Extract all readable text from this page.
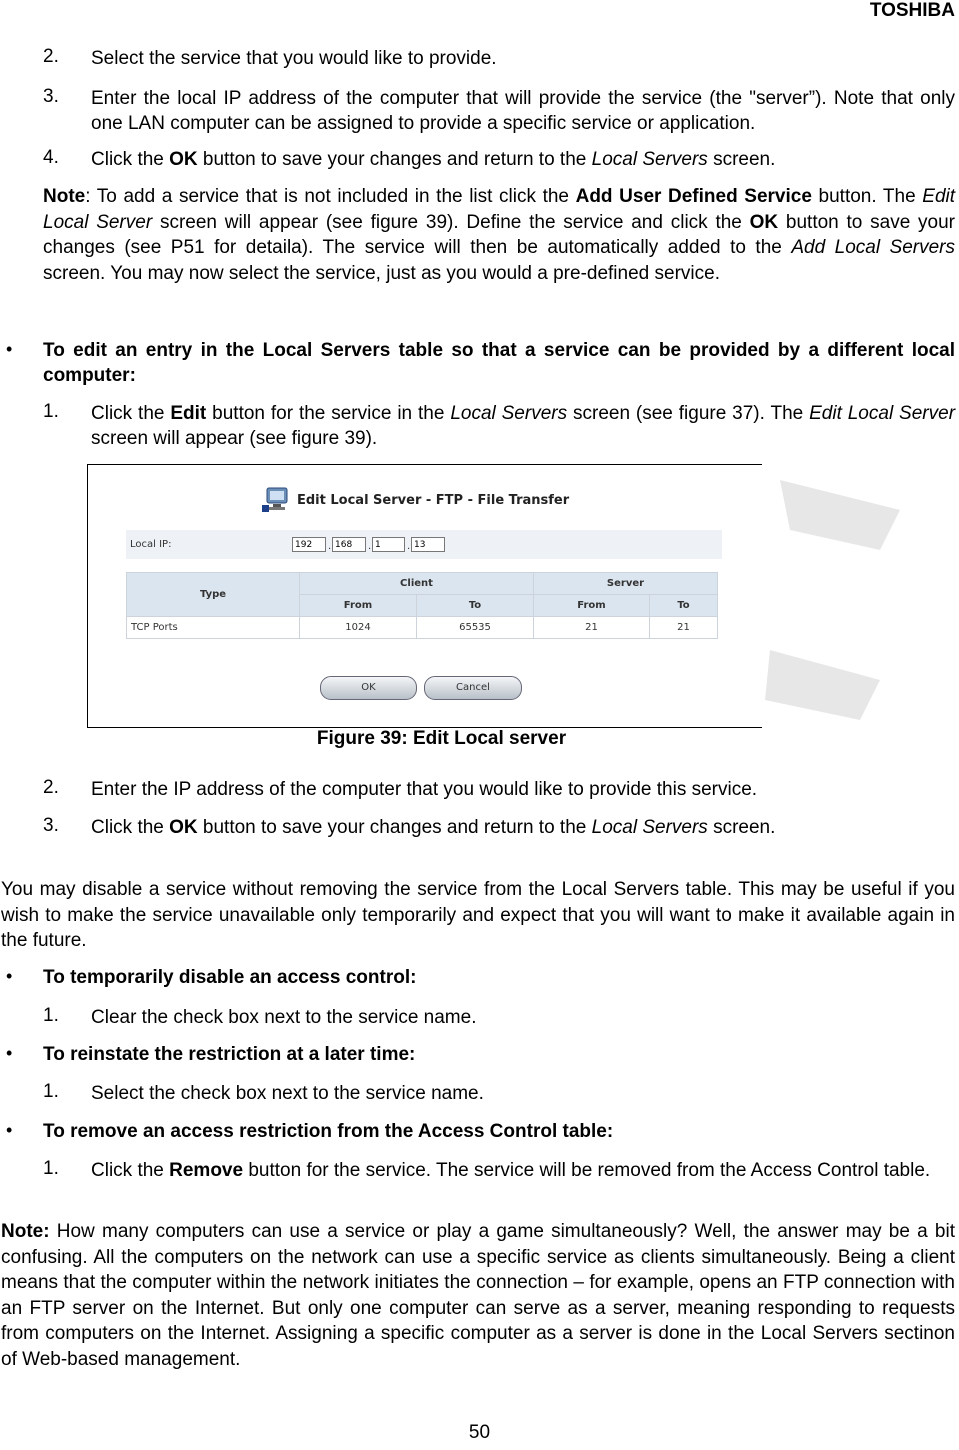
TOSHIBA
2. Select the service that you would like to provide.
3. Enter the local IP address of the computer that will provide the service (the "server”). Note that only one LAN computer can be assigned to provide a specific service or application.
4. Click the OK button to save your changes and return to the Local Servers screen.
Note: To add a service that is not included in the list click the Add User Defined Service button. The Edit Local Server screen will appear (see figure 39). Define the service and click the OK button to save your changes (see P51 for detaila). The service will then be automatically added to the Add Local Servers screen. You may now select the service, just as you would a pre-defined service.
• To edit an entry in the Local Servers table so that a service can be provided by a different local computer:
1. Click the Edit button for the service in the Local Servers screen (see figure 37). The Edit Local Server screen will appear (see figure 39).
Edit Local Server - FTP - File Transfer
Local IP:	192	. 168	. 1	. 13
Type	Client		Server	
	From	To	From	To
TCP Ports	1024	65535	21	21
OK	Cancel
Figure 39: Edit Local server
2. Enter the IP address of the computer that you would like to provide this service.
3. Click the OK button to save your changes and return to the Local Servers screen.
You may disable a service without removing the service from the Local Servers table. This may be useful if you wish to make the service unavailable only temporarily and expect that you will want to make it available again in the future.
• To temporarily disable an access control:
1. Clear the check box next to the service name.
• To reinstate the restriction at a later time:
1. Select the check box next to the service name.
• To remove an access restriction from the Access Control table:
1. Click the Remove button for the service. The service will be removed from the Access Control table.
Note: How many computers can use a service or play a game simultaneously? Well, the answer may be a bit confusing. All the computers on the network can use a specific service as clients simultaneously. Being a client means that the computer within the network initiates the connection – for example, opens an FTP connection with an FTP server on the Internet. But only one computer can serve as a server, meaning responding to requests from computers on the Internet. Assigning a specific computer as a server is done in the Local Servers sectinon of Web-based management.
50
